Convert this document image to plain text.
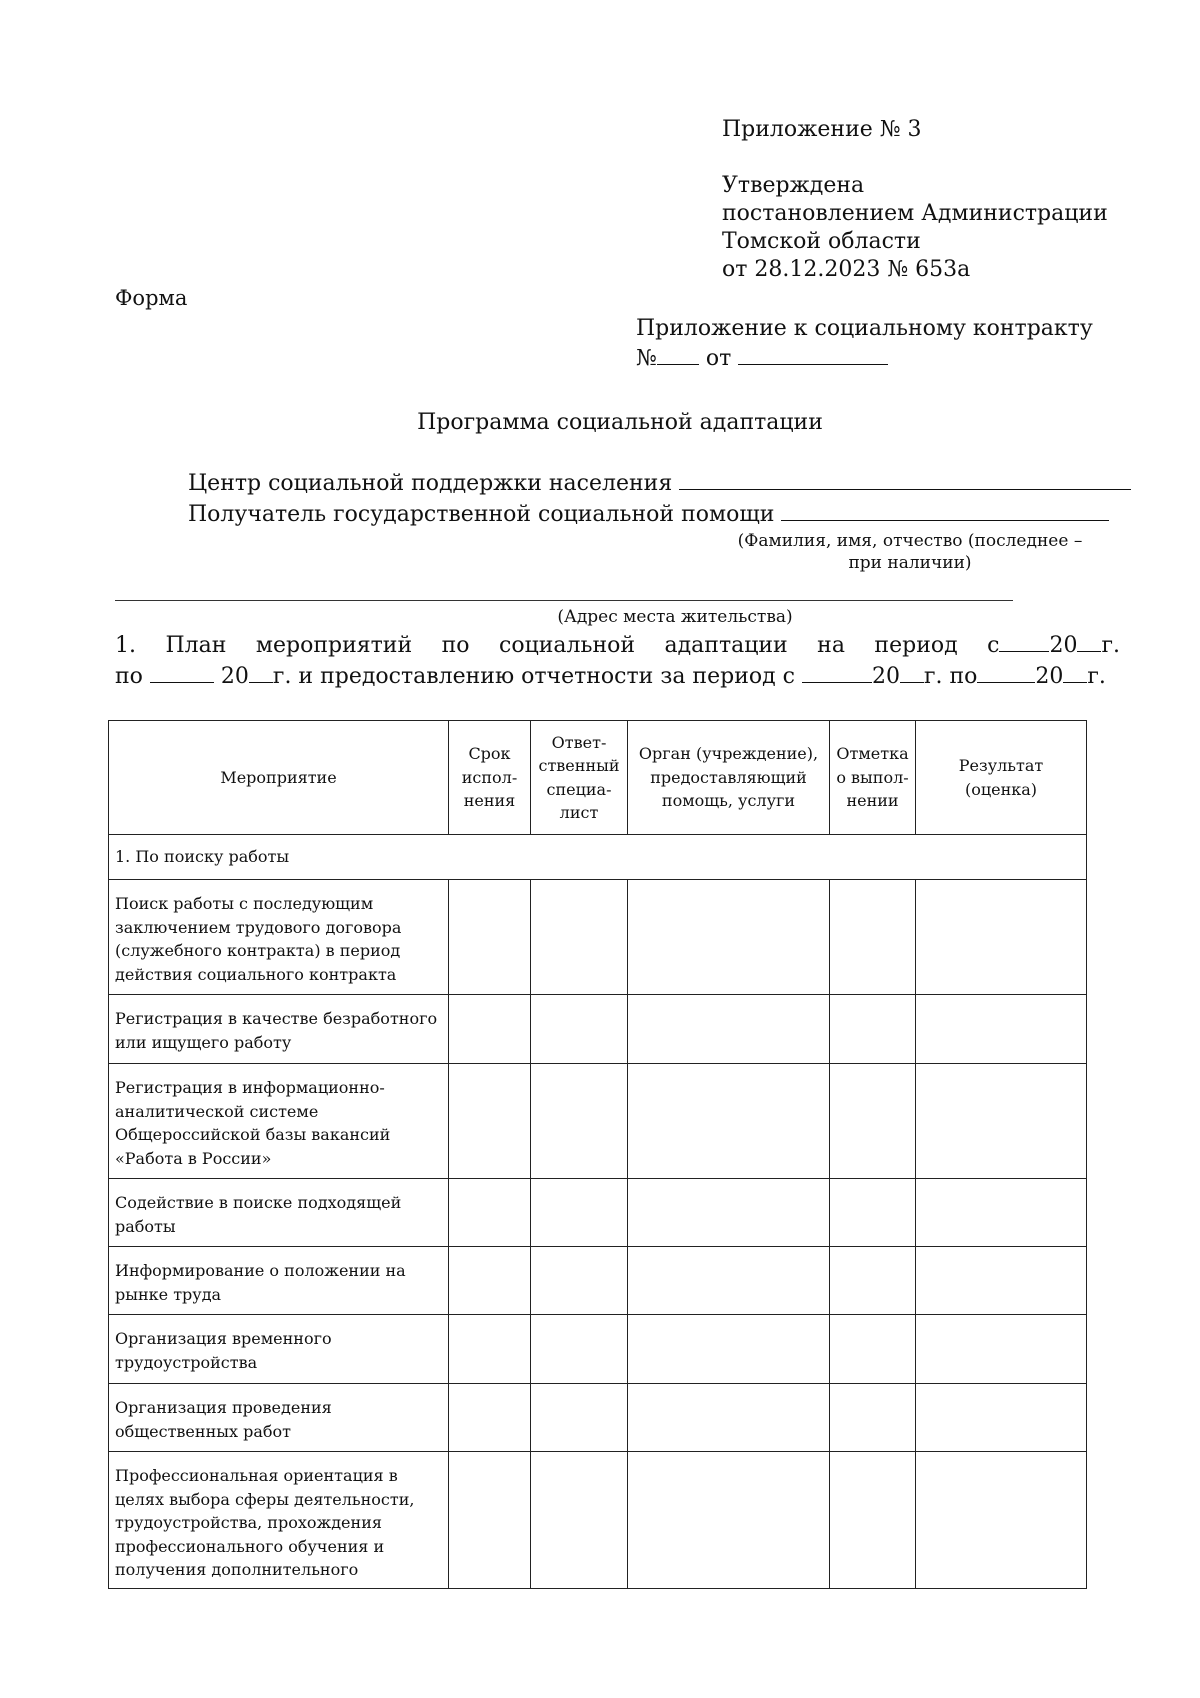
Приложение № 3
Утверждена
постановлением Администрации
Томской области
от 28.12.2023 № 653а
Форма
Приложение к социальному контракту
№ от
Программа социальной адаптации
Центр социальной поддержки населения
Получатель государственной социальной помощи
(Фамилия, имя, отчество (последнее –
при наличии)
(Адрес места жительства)
1. План мероприятий по социальной адаптации на период с 20 г.
по	20 г. и предоставлению отчетности за период с	20 г. по	20 г.
Мероприятие	Срок испол-нения	Ответ-ственный специа-лист	Орган (учреждение), предоставляющий помощь, услуги	Отметка о выпол-нении	Результат (оценка)
1. По поиску работы					
Поиск работы с последующим заключением трудового договора (служебного контракта) в период действия социального контракта					
Регистрация в качестве безработного или ищущего работу					
Регистрация в информационно-аналитической системе Общероссийской базы вакансий «Работа в России»					
Содействие в поиске подходящей работы					
Информирование о положении на рынке труда					
Организация временного трудоустройства					
Организация проведения общественных работ					
Профессиональная ориентация в целях выбора сферы деятельности, трудоустройства, прохождения профессионального обучения и получения дополнительного					
